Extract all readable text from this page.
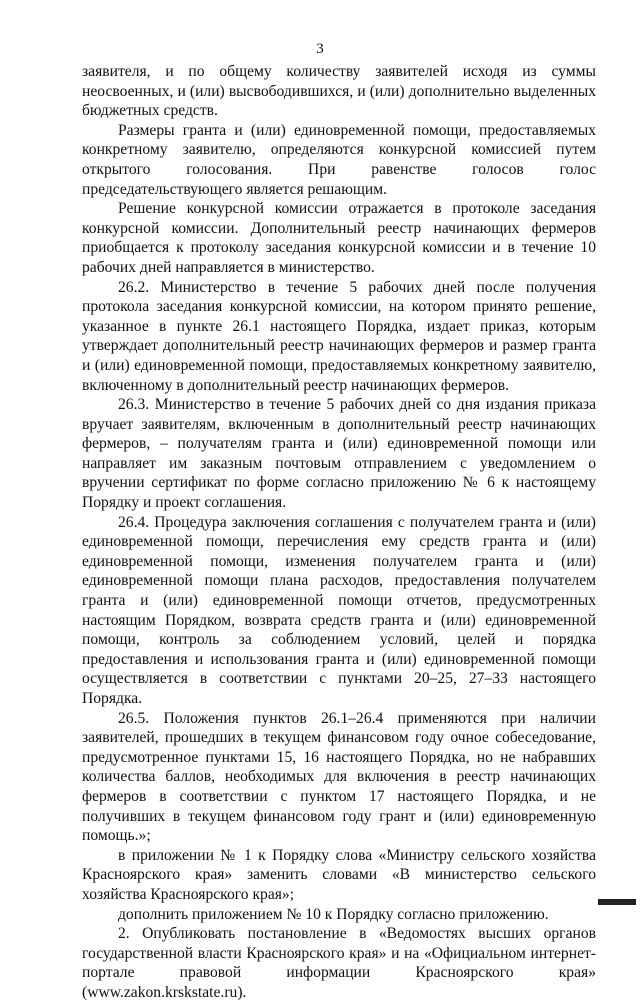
3

заявителя, и по общему количеству заявителей исходя из суммы неосвоенных, и (или) высвободившихся, и (или) дополнительно выделенных бюджетных средств.

Размеры гранта и (или) единовременной помощи, предоставляемых конкретному заявителю, определяются конкурсной комиссией путем открытого голосования. При равенстве голосов голос председательствующего является решающим.

Решение конкурсной комиссии отражается в протоколе заседания конкурсной комиссии. Дополнительный реестр начинающих фермеров приобщается к протоколу заседания конкурсной комиссии и в течение 10 рабочих дней направляется в министерство.

26.2. Министерство в течение 5 рабочих дней после получения протокола заседания конкурсной комиссии, на котором принято решение, указанное в пункте 26.1 настоящего Порядка, издает приказ, которым утверждает дополнительный реестр начинающих фермеров и размер гранта и (или) единовременной помощи, предоставляемых конкретному заявителю, включенному в дополнительный реестр начинающих фермеров.

26.3. Министерство в течение 5 рабочих дней со дня издания приказа вручает заявителям, включенным в дополнительный реестр начинающих фермеров, – получателям гранта и (или) единовременной помощи или направляет им заказным почтовым отправлением с уведомлением о вручении сертификат по форме согласно приложению № 6 к настоящему Порядку и проект соглашения.

26.4. Процедура заключения соглашения с получателем гранта и (или) единовременной помощи, перечисления ему средств гранта и (или) единовременной помощи, изменения получателем гранта и (или) единовременной помощи плана расходов, предоставления получателем гранта и (или) единовременной помощи отчетов, предусмотренных настоящим Порядком, возврата средств гранта и (или) единовременной помощи, контроль за соблюдением условий, целей и порядка предоставления и использования гранта и (или) единовременной помощи осуществляется в соответствии с пунктами 20–25, 27–33 настоящего Порядка.

26.5. Положения пунктов 26.1–26.4 применяются при наличии заявителей, прошедших в текущем финансовом году очное собеседование, предусмотренное пунктами 15, 16 настоящего Порядка, но не набравших количества баллов, необходимых для включения в реестр начинающих фермеров в соответствии с пунктом 17 настоящего Порядка, и не получивших в текущем финансовом году грант и (или) единовременную помощь.»;

в приложении № 1 к Порядку слова «Министру сельского хозяйства Красноярского края» заменить словами «В министерство сельского хозяйства Красноярского края»;

дополнить приложением № 10 к Порядку согласно приложению.

2. Опубликовать постановление в «Ведомостях высших органов государственной власти Красноярского края» и на «Официальном интернет-портале правовой информации Красноярского края» (www.zakon.krskstate.ru).
